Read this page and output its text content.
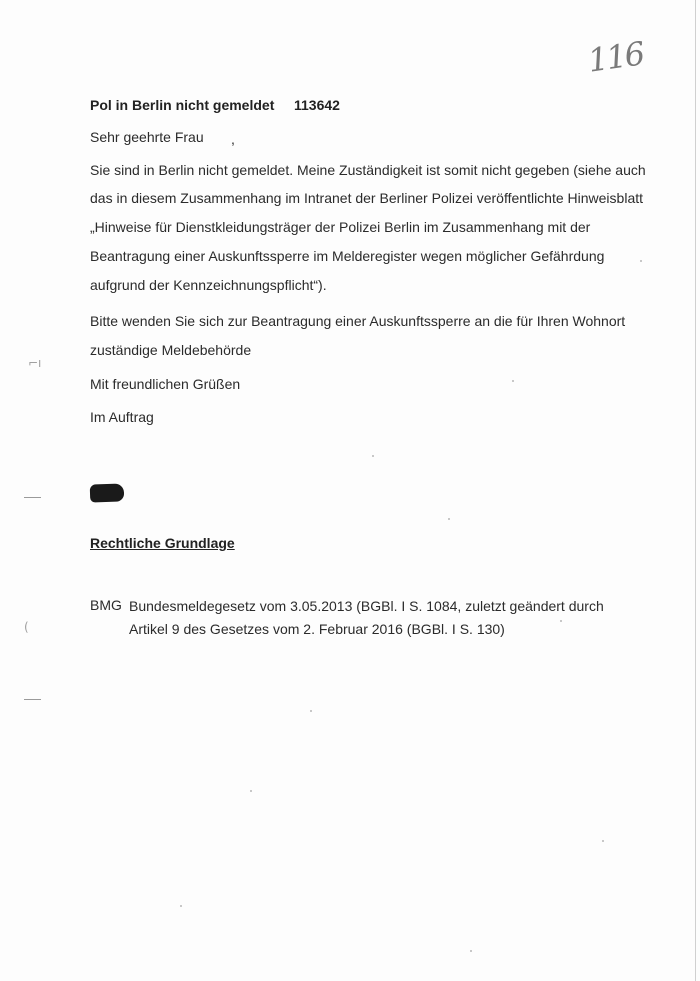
116
Pol in Berlin nicht gemeldet 113642
Sehr geehrte Frau ,
Sie sind in Berlin nicht gemeldet. Meine Zuständigkeit ist somit nicht gegeben (siehe auch
das in diesem Zusammenhang im Intranet der Berliner Polizei veröffentlichte Hinweisblatt
„Hinweise für Dienstkleidungsträger der Polizei Berlin im Zusammenhang mit der
Beantragung einer Auskunftssperre im Melderegister wegen möglicher Gefährdung
aufgrund der Kennzeichnungspflicht“).
Bitte wenden Sie sich zur Beantragung einer Auskunftssperre an die für Ihren Wohnort
zuständige Meldebehörde
Mit freundlichen Grüßen
Im Auftrag
Rechtliche Grundlage
BMG Bundesmeldegesetz vom 3.05.2013 (BGBl. I S. 1084, zuletzt geändert durch
Artikel 9 des Gesetzes vom 2. Februar 2016 (BGBl. I S. 130)
⌐ı
(
